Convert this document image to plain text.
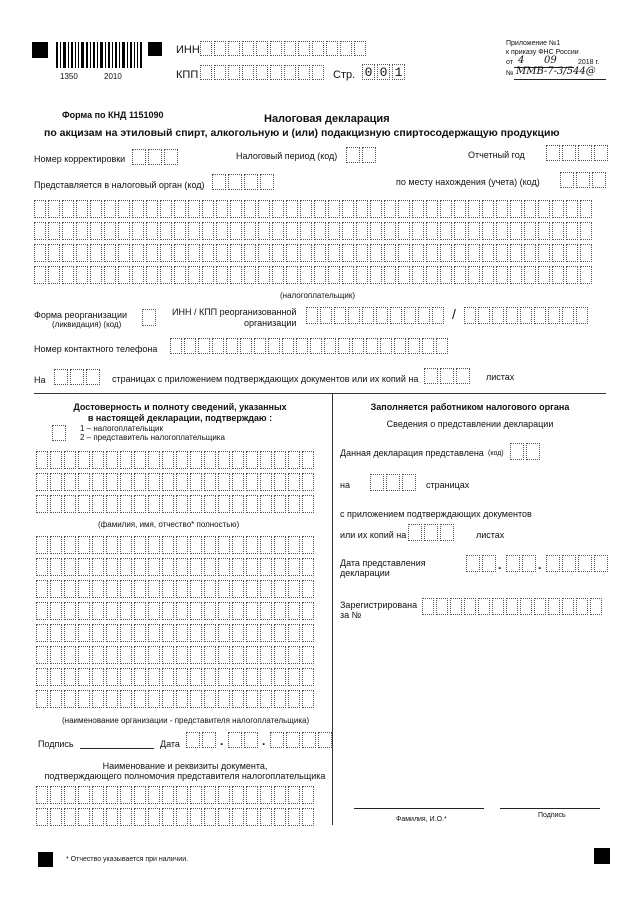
1350	2010
ИНН
КПП	Стр. 0 0 1
Приложение №1
к приказу ФНС России
от 4 09	2018 г.
№ ММВ-7-3/544@
Форма по КНД 1151090	Налоговая декларация
по акцизам на этиловый спирт, алкогольную и (или) подакцизную спиртосодержащую продукцию
Номер корректировки	Налоговый период (код)	Отчетный год
Представляется в налоговый орган (код)	по месту нахождения (учета) (код)
(налогоплательщик)
Форма реорганизации
(ликвидация) (код)
ИНН / КПП реорганизованной
организации
/
Номер контактного телефона
На	страницах с приложением подтверждающих документов или их копий на	листах
Достоверность и полноту сведений, указанных
в настоящей декларации, подтверждаю :
1 – налогоплательщик
2 – представитель налогоплательщика
(фамилия, имя, отчество* полностью)
(наименование организации - представителя налогоплательщика)
Подпись	Дата	.	.
Наименование и реквизиты документа,
подтверждающего полномочия представителя налогоплательщика
Заполняется работником налогового органа
Сведения о представлении декларации
Данная декларация представлена (код)
на	страницах
с приложением подтверждающих документов
или их копий на	листах
Дата представления
декларации
.	.
Зарегистрирована
за №
Фамилия, И.О.*
Подпись
* Отчество указывается при наличии.
